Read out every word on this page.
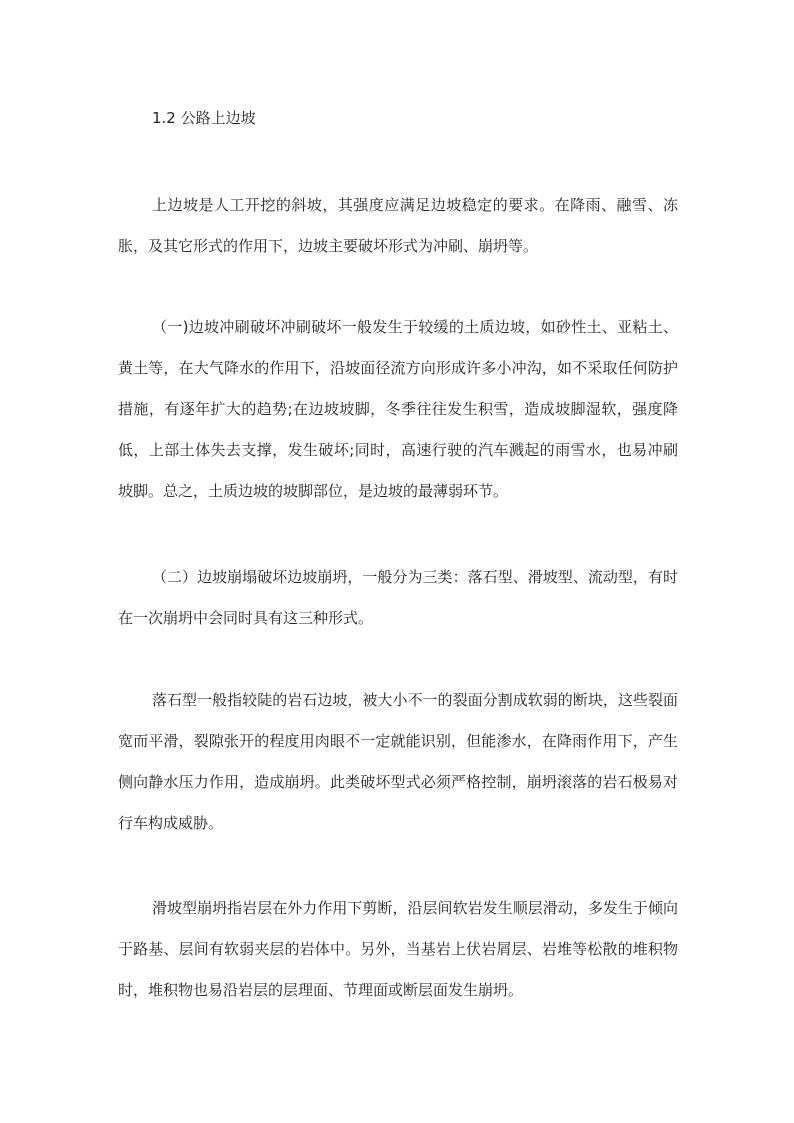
1.2 公路上边坡

上边坡是人工开挖的斜坡，其强度应满足边坡稳定的要求。在降雨、融雪、冻胀，及其它形式的作用下，边坡主要破坏形式为冲刷、崩坍等。

（一)边坡冲刷破坏冲刷破坏一般发生于较缓的土质边坡，如砂性土、亚粘土、黄土等，在大气降水的作用下，沿坡面径流方向形成许多小冲沟，如不采取任何防护措施，有逐年扩大的趋势;在边坡坡脚，冬季往往发生积雪，造成坡脚湿软，强度降低，上部土体失去支撑，发生破坏;同时，高速行驶的汽车溅起的雨雪水，也易冲刷坡脚。总之，土质边坡的坡脚部位，是边坡的最薄弱环节。

（二）边坡崩塌破坏边坡崩坍，一般分为三类：落石型、滑坡型、流动型，有时在一次崩坍中会同时具有这三种形式。

落石型一般指较陡的岩石边坡，被大小不一的裂面分割成软弱的断块，这些裂面宽而平滑，裂隙张开的程度用肉眼不一定就能识别，但能渗水，在降雨作用下，产生侧向静水压力作用，造成崩坍。此类破坏型式必须严格控制，崩坍滚落的岩石极易对行车构成威胁。

滑坡型崩坍指岩层在外力作用下剪断，沿层间软岩发生顺层滑动，多发生于倾向于路基、层间有软弱夹层的岩体中。另外，当基岩上伏岩屑层、岩堆等松散的堆积物时，堆积物也易沿岩层的层理面、节理面或断层面发生崩坍。
